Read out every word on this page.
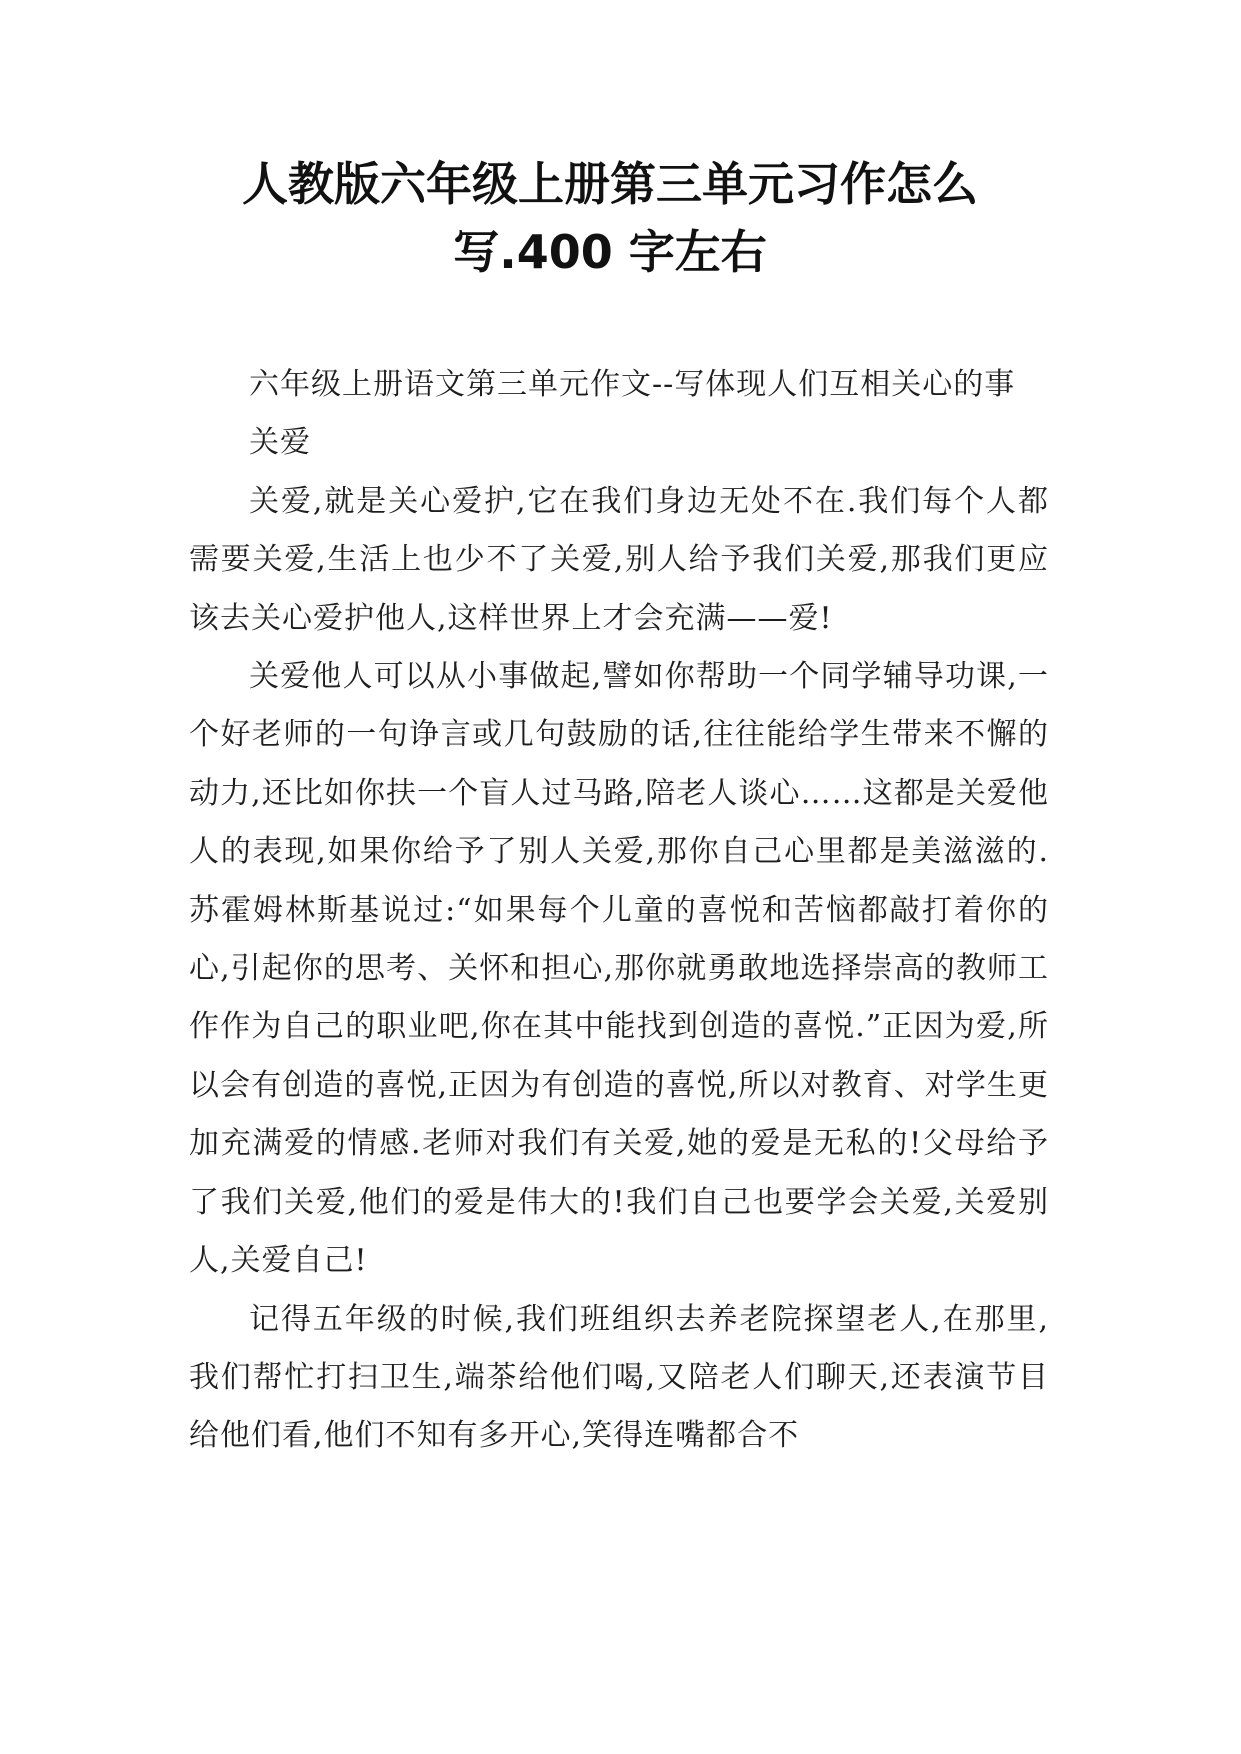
人教版六年级上册第三单元习作怎么
写.400 字左右

六年级上册语文第三单元作文--写体现人们互相关心的事

关爱

关爱,就是关心爱护,它在我们身边无处不在.我们每个人都需要关爱,生活上也少不了关爱,别人给予我们关爱,那我们更应该去关心爱护他人,这样世界上才会充满——爱!

关爱他人可以从小事做起,譬如你帮助一个同学辅导功课,一个好老师的一句诤言或几句鼓励的话,往往能给学生带来不懈的动力,还比如你扶一个盲人过马路,陪老人谈心……这都是关爱他人的表现,如果你给予了别人关爱,那你自己心里都是美滋滋的.苏霍姆林斯基说过:“如果每个儿童的喜悦和苦恼都敲打着你的心,引起你的思考、关怀和担心,那你就勇敢地选择崇高的教师工作作为自己的职业吧,你在其中能找到创造的喜悦.”正因为爱,所以会有创造的喜悦,正因为有创造的喜悦,所以对教育、对学生更加充满爱的情感.老师对我们有关爱,她的爱是无私的!父母给予了我们关爱,他们的爱是伟大的!我们自己也要学会关爱,关爱别人,关爱自己!

记得五年级的时候,我们班组织去养老院探望老人,在那里,我们帮忙打扫卫生,端茶给他们喝,又陪老人们聊天,还表演节目给他们看,他们不知有多开心,笑得连嘴都合不
